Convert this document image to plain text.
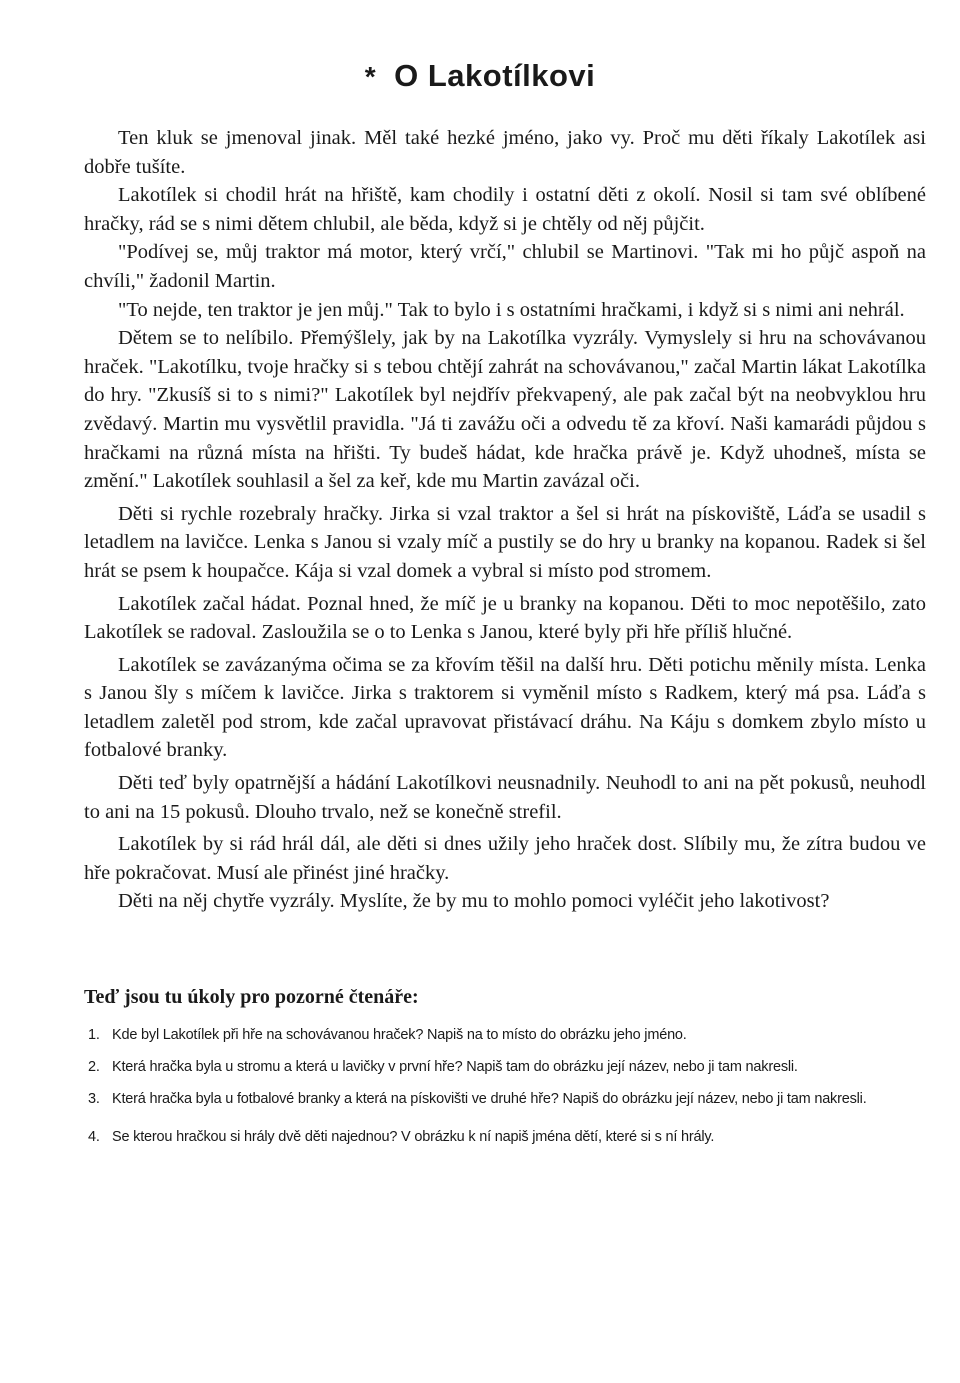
* O Lakotílkovi

Ten kluk se jmenoval jinak. Měl také hezké jméno, jako vy. Proč mu děti říkaly Lakotílek asi dobře tušíte.

Lakotílek si chodil hrát na hřiště, kam chodily i ostatní děti z okolí. Nosil si tam své oblíbené hračky, rád se s nimi dětem chlubil, ale běda, když si je chtěly od něj půjčit.

"Podívej se, můj traktor má motor, který vrčí," chlubil se Martinovi. "Tak mi ho půjč aspoň na chvíli," žadonil Martin.

"To nejde, ten traktor je jen můj." Tak to bylo i s ostatními hračkami, i když si s nimi ani nehrál.

Dětem se to nelíbilo. Přemýšlely, jak by na Lakotílka vyzrály. Vymyslely si hru na schovávanou hraček. "Lakotílku, tvoje hračky si s tebou chtějí zahrát na schovávanou," začal Martin lákat Lakotílka do hry. "Zkusíš si to s nimi?" Lakotílek byl nejdřív překvapený, ale pak začal být na neobvyklou hru zvědavý. Martin mu vysvětlil pravidla. "Já ti zavážu oči a odvedu tě za křoví. Naši kamarádi půjdou s hračkami na různá místa na hřišti. Ty budeš hádat, kde hračka právě je. Když uhodneš, místa se změní." Lakotílek souhlasil a šel za keř, kde mu Martin zavázal oči.

Děti si rychle rozebraly hračky. Jirka si vzal traktor a šel si hrát na pískoviště, Láďa se usadil s letadlem na lavičce. Lenka s Janou si vzaly míč a pustily se do hry u branky na kopanou. Radek si šel hrát se psem k houpačce. Kája si vzal domek a vybral si místo pod stromem.

Lakotílek začal hádat. Poznal hned, že míč je u branky na kopanou. Děti to moc nepotěšilo, zato Lakotílek se radoval. Zasloužila se o to Lenka s Janou, které byly při hře příliš hlučné.

Lakotílek se zavázanýma očima se za křovím těšil na další hru. Děti potichu měnily místa. Lenka s Janou šly s míčem k lavičce. Jirka s traktorem si vyměnil místo s Radkem, který má psa. Láďa s letadlem zaletěl pod strom, kde začal upravovat přistávací dráhu. Na Káju s domkem zbylo místo u fotbalové branky.

Děti teď byly opatrnější a hádání Lakotílkovi neusnadnily. Neuhodl to ani na pět pokusů, neuhodl to ani na 15 pokusů. Dlouho trvalo, než se konečně strefil.

Lakotílek by si rád hrál dál, ale děti si dnes užily jeho hraček dost. Slíbily mu, že zítra budou ve hře pokračovat. Musí ale přinést jiné hračky.

Děti na něj chytře vyzrály. Myslíte, že by mu to mohlo pomoci vyléčit jeho lakotivost?

Teď jsou tu úkoly pro pozorné čtenáře:
1. Kde byl Lakotílek při hře na schovávanou hraček? Napiš na to místo do obrázku jeho jméno.
2. Která hračka byla u stromu a která u lavičky v první hře? Napiš tam do obrázku její název, nebo ji tam nakresli.
3. Která hračka byla u fotbalové branky a která na pískovišti ve druhé hře? Napiš do obrázku její název, nebo ji tam nakresli.
4. Se kterou hračkou si hrály dvě děti najednou? V obrázku k ní napiš jména dětí, které si s ní hrály.
